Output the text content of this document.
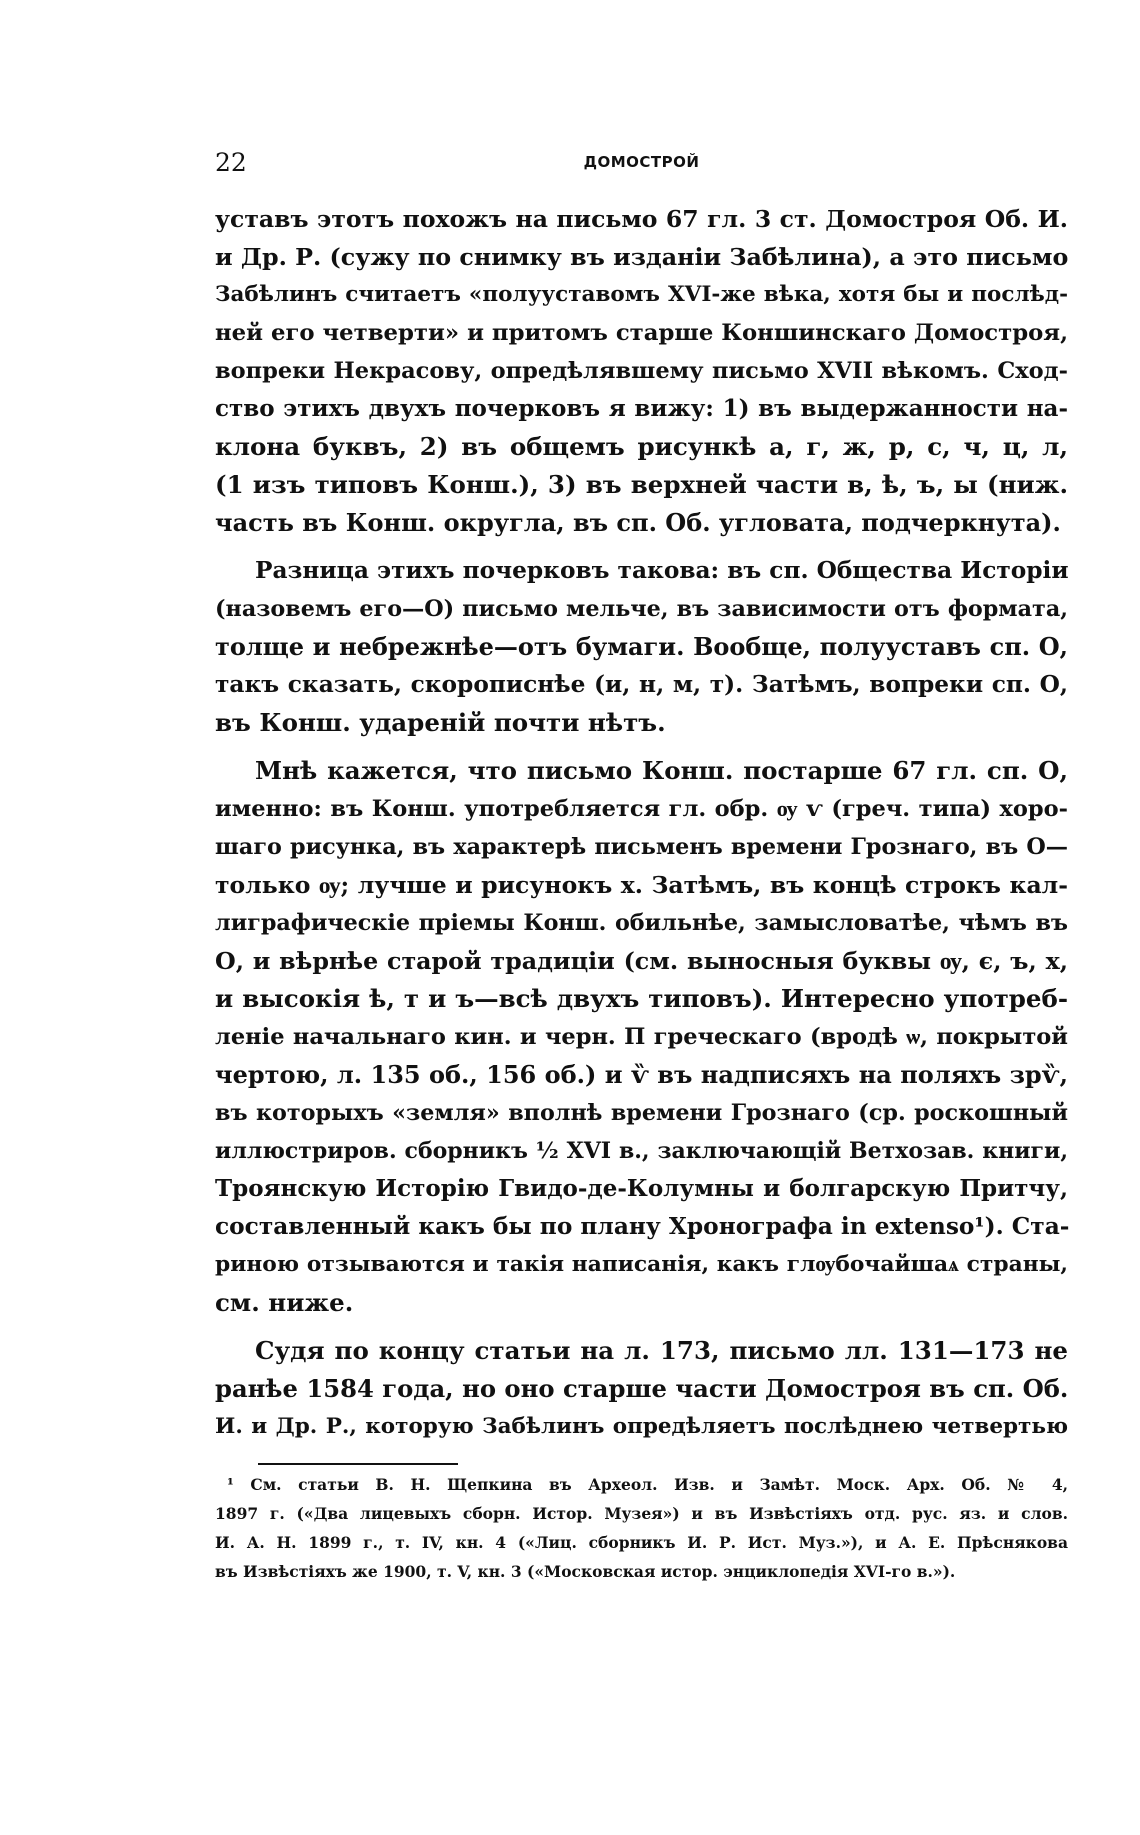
22	ДОМОСТРОЙ
уставъ этотъ похожъ на письмо 67 гл. 3 ст. Домостроя Об. И.
и Др. Р. (сужу по снимку въ изданіи Забѣлина), а это письмо
Забѣлинъ считаетъ «полууставомъ XVI-же вѣка, хотя бы и послѣд-
ней его четверти» и притомъ старше Коншинскаго Домостроя,
вопреки Некрасову, опредѣлявшему письмо XVII вѣкомъ. Сход-
ство этихъ двухъ почерковъ я вижу: 1) въ выдержанности на-
клона буквъ, 2) въ общемъ рисункѣ а, г, ж, р, с, ч, ц, л,
(1 изъ типовъ Конш.), 3) въ верхней части в, ѣ, ъ, ы (ниж.
часть въ Конш. округла, въ сп. Об. угловата, подчеркнута).
Разница этихъ почерковъ такова: въ сп. Общества Исторіи
(назовемъ его—О) письмо мельче, въ зависимости отъ формата,
толще и небрежнѣе—отъ бумаги. Вообще, полууставъ сп. О,
такъ сказать, скорописнѣе (и, н, м, т). Затѣмъ, вопреки сп. О,
въ Конш. удареній почти нѣтъ.
Мнѣ кажется, что письмо Конш. постарше 67 гл. сп. О,
именно: въ Конш. употребляется гл. обр. ѹ ѵ (греч. типа) хоро-
шаго рисунка, въ характерѣ письменъ времени Грознаго, въ О—
только ѹ; лучше и рисунокъ х. Затѣмъ, въ концѣ строкъ кал-
лиграфическіе пріемы Конш. обильнѣе, замысловатѣе, чѣмъ въ
О, и вѣрнѣе старой традиціи (см. выносныя буквы ѹ, є, ъ, х,
и высокія ѣ, т и ъ—всѣ двухъ типовъ). Интересно употреб-
леніе начальнаго кин. и черн. П греческаго (вродѣ ѡ, покрытой
чертою, л. 135 об., 156 об.) и ѷ въ надписяхъ на поляхъ зрѷ,
въ которыхъ «земля» вполнѣ времени Грознаго (ср. роскошный
иллюстриров. сборникъ ½ XVI в., заключающій Ветхозав. книги,
Троянскую Исторію Гвидо-де-Колумны и болгарскую Притчу,
составленный какъ бы по плану Хронографа in extenso¹). Ста-
риною отзываются и такія написанія, какъ глѹбочайшаѧ страны,
см. ниже.
Судя по концу статьи на л. 173, письмо лл. 131—173 не
ранѣе 1584 года, но оно старше части Домостроя въ сп. Об.
И. и Др. Р., которую Забѣлинъ опредѣляетъ послѣднею четвертью
¹ См. статьи В. Н. Щепкина въ Археол. Изв. и Замѣт. Моск. Арх. Об. № 4,
1897 г. («Два лицевыхъ сборн. Истор. Музея») и въ Извѣстіяхъ отд. рус. яз. и слов.
И. А. Н. 1899 г., т. IV, кн. 4 («Лиц. сборникъ И. Р. Ист. Муз.»), и А. Е. Прѣснякова
въ Извѣстіяхъ же 1900, т. V, кн. 3 («Московская истор. энциклопедія XVI-го в.»).
